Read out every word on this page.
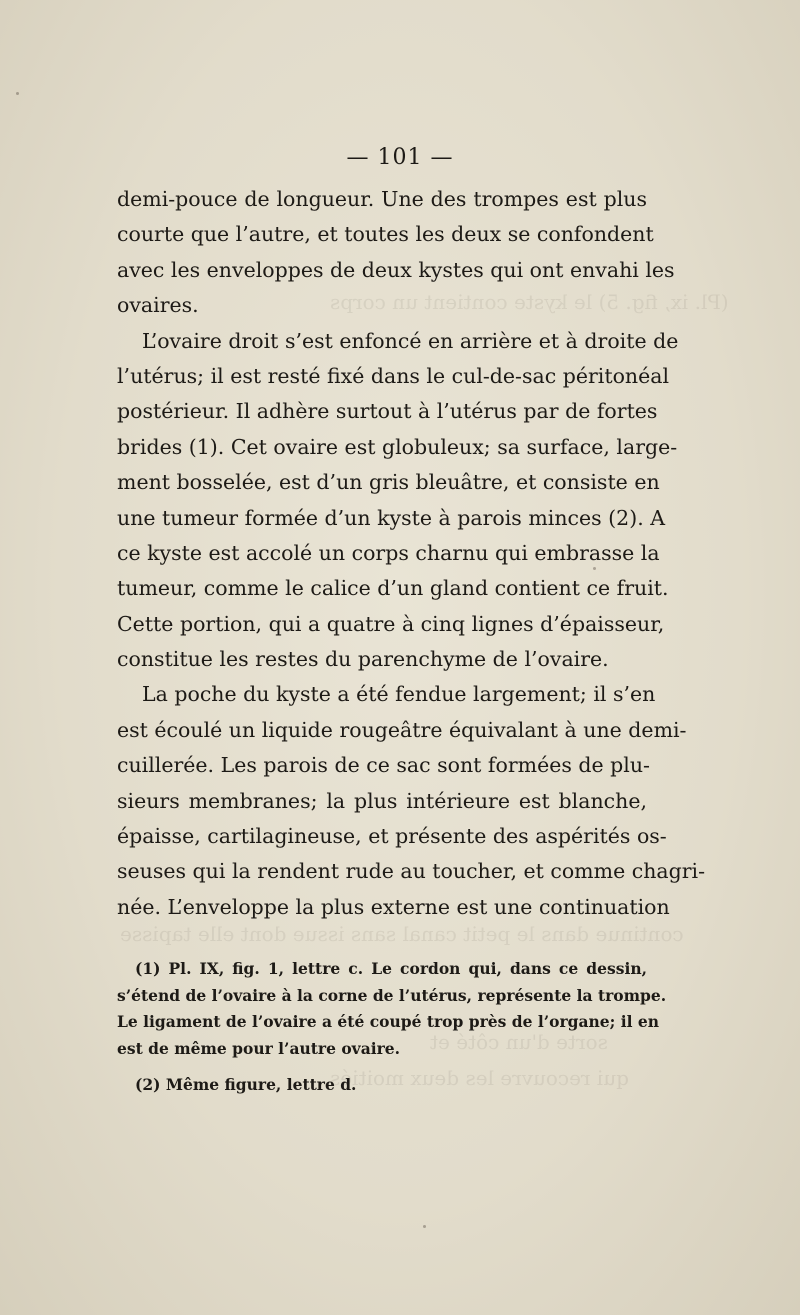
(Pl. ix, fig. 5) le kyste contient un corps
continue dans le petit canal sans issue dont elle tapisse
sorte d'un côté et
qui recouvre les deux moitiés
— 101 —
demi-pouce de longueur. Une des trompes est plus
courte que l’autre, et toutes les deux se confondent
avec les enveloppes de deux kystes qui ont envahi les
ovaires.
L’ovaire droit s’est enfoncé en arrière et à droite de
l’utérus; il est resté fixé dans le cul-de-sac péritonéal
postérieur. Il adhère surtout à l’utérus par de fortes
brides (1). Cet ovaire est globuleux; sa surface, large-
ment bosselée, est d’un gris bleuâtre, et consiste en
une tumeur formée d’un kyste à parois minces (2). A
ce kyste est accolé un corps charnu qui embrasse la
tumeur, comme le calice d’un gland contient ce fruit.
Cette portion, qui a quatre à cinq lignes d’épaisseur,
constitue les restes du parenchyme de l’ovaire.
La poche du kyste a été fendue largement; il s’en
est écoulé un liquide rougeâtre équivalant à une demi-
cuillerée. Les parois de ce sac sont formées de plu-
sieurs membranes; la plus intérieure est blanche,
épaisse, cartilagineuse, et présente des aspérités os-
seuses qui la rendent rude au toucher, et comme chagri-
née. L’enveloppe la plus externe est une continuation
(1) Pl. IX, fig. 1, lettre c. Le cordon qui, dans ce dessin,
s’étend de l’ovaire à la corne de l’utérus, représente la trompe.
Le ligament de l’ovaire a été coupé trop près de l’organe; il en
est de même pour l’autre ovaire.
(2) Même figure, lettre d.
